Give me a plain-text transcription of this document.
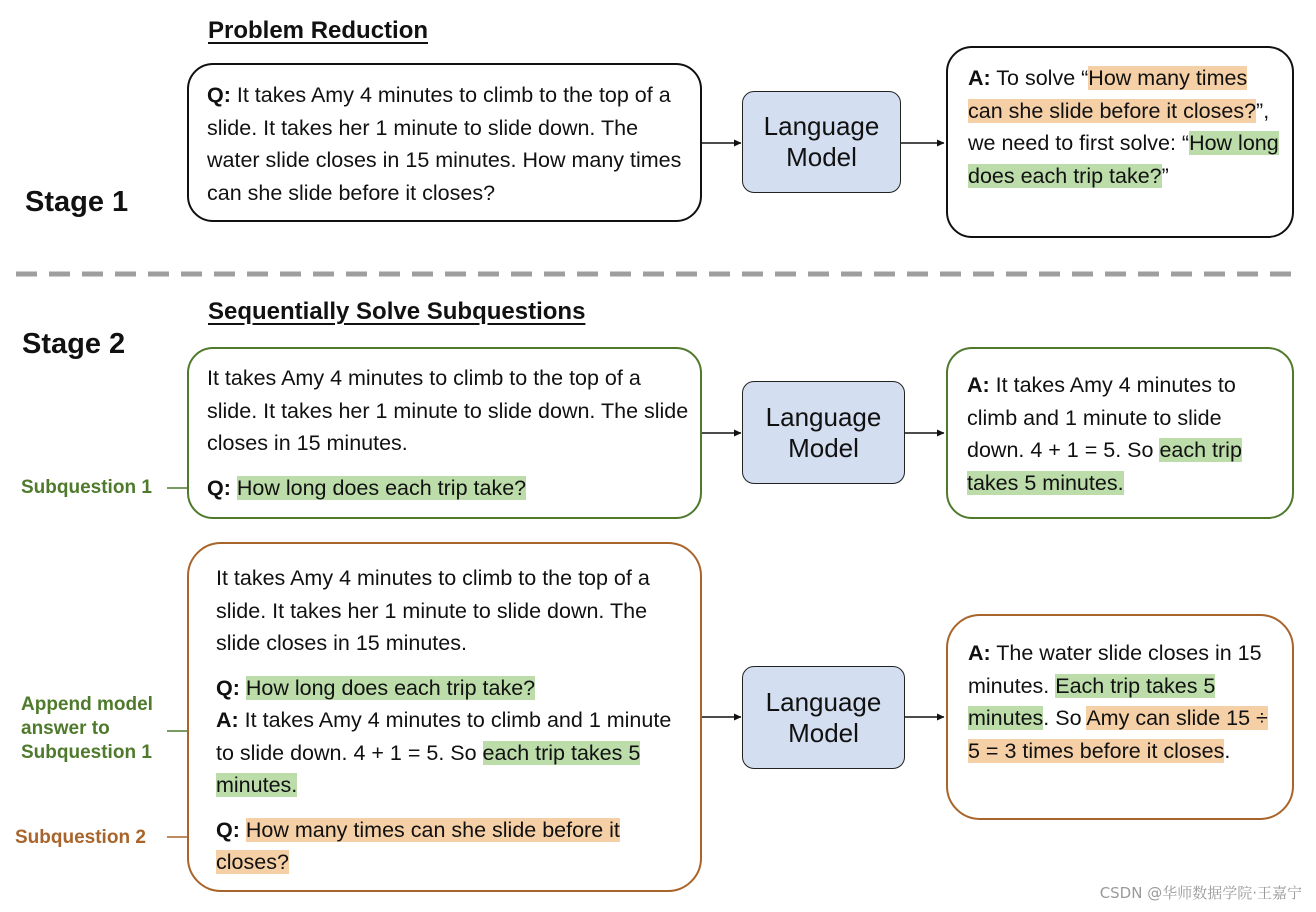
Problem Reduction
Stage 1
Q: It takes Amy 4 minutes to climb to the top of a slide. It takes her 1 minute to slide down. The water slide closes in 15 minutes. How many times can she slide before it closes?
Language
Model
A: To solve “How many times can she slide before it closes?”, we need to first solve: “How long does each trip take?”
Sequentially Solve Subquestions
Stage 2

It takes Amy 4 minutes to climb to the top of a slide. It takes her 1 minute to slide down. The slide closes in 15 minutes.

Q: How long does each trip take?

Subquestion 1
Language
Model
A: It takes Amy 4 minutes to climb and 1 minute to slide down. 4 + 1 = 5. So each trip takes 5 minutes.

It takes Amy 4 minutes to climb to the top of a slide. It takes her 1 minute to slide down. The slide closes in 15 minutes.

Q: How long does each trip take?

A: It takes Amy 4 minutes to climb and 1 minute to slide down. 4 + 1 = 5. So each trip takes 5 minutes.

Q: How many times can she slide before it closes?

Append model answer to Subquestion 1
Subquestion 2
Language
Model
A: The water slide closes in 15 minutes. Each trip takes 5 minutes. So Amy can slide 15 ÷ 5 = 3 times before it closes.
CSDN @华师数据学院·王嘉宁
